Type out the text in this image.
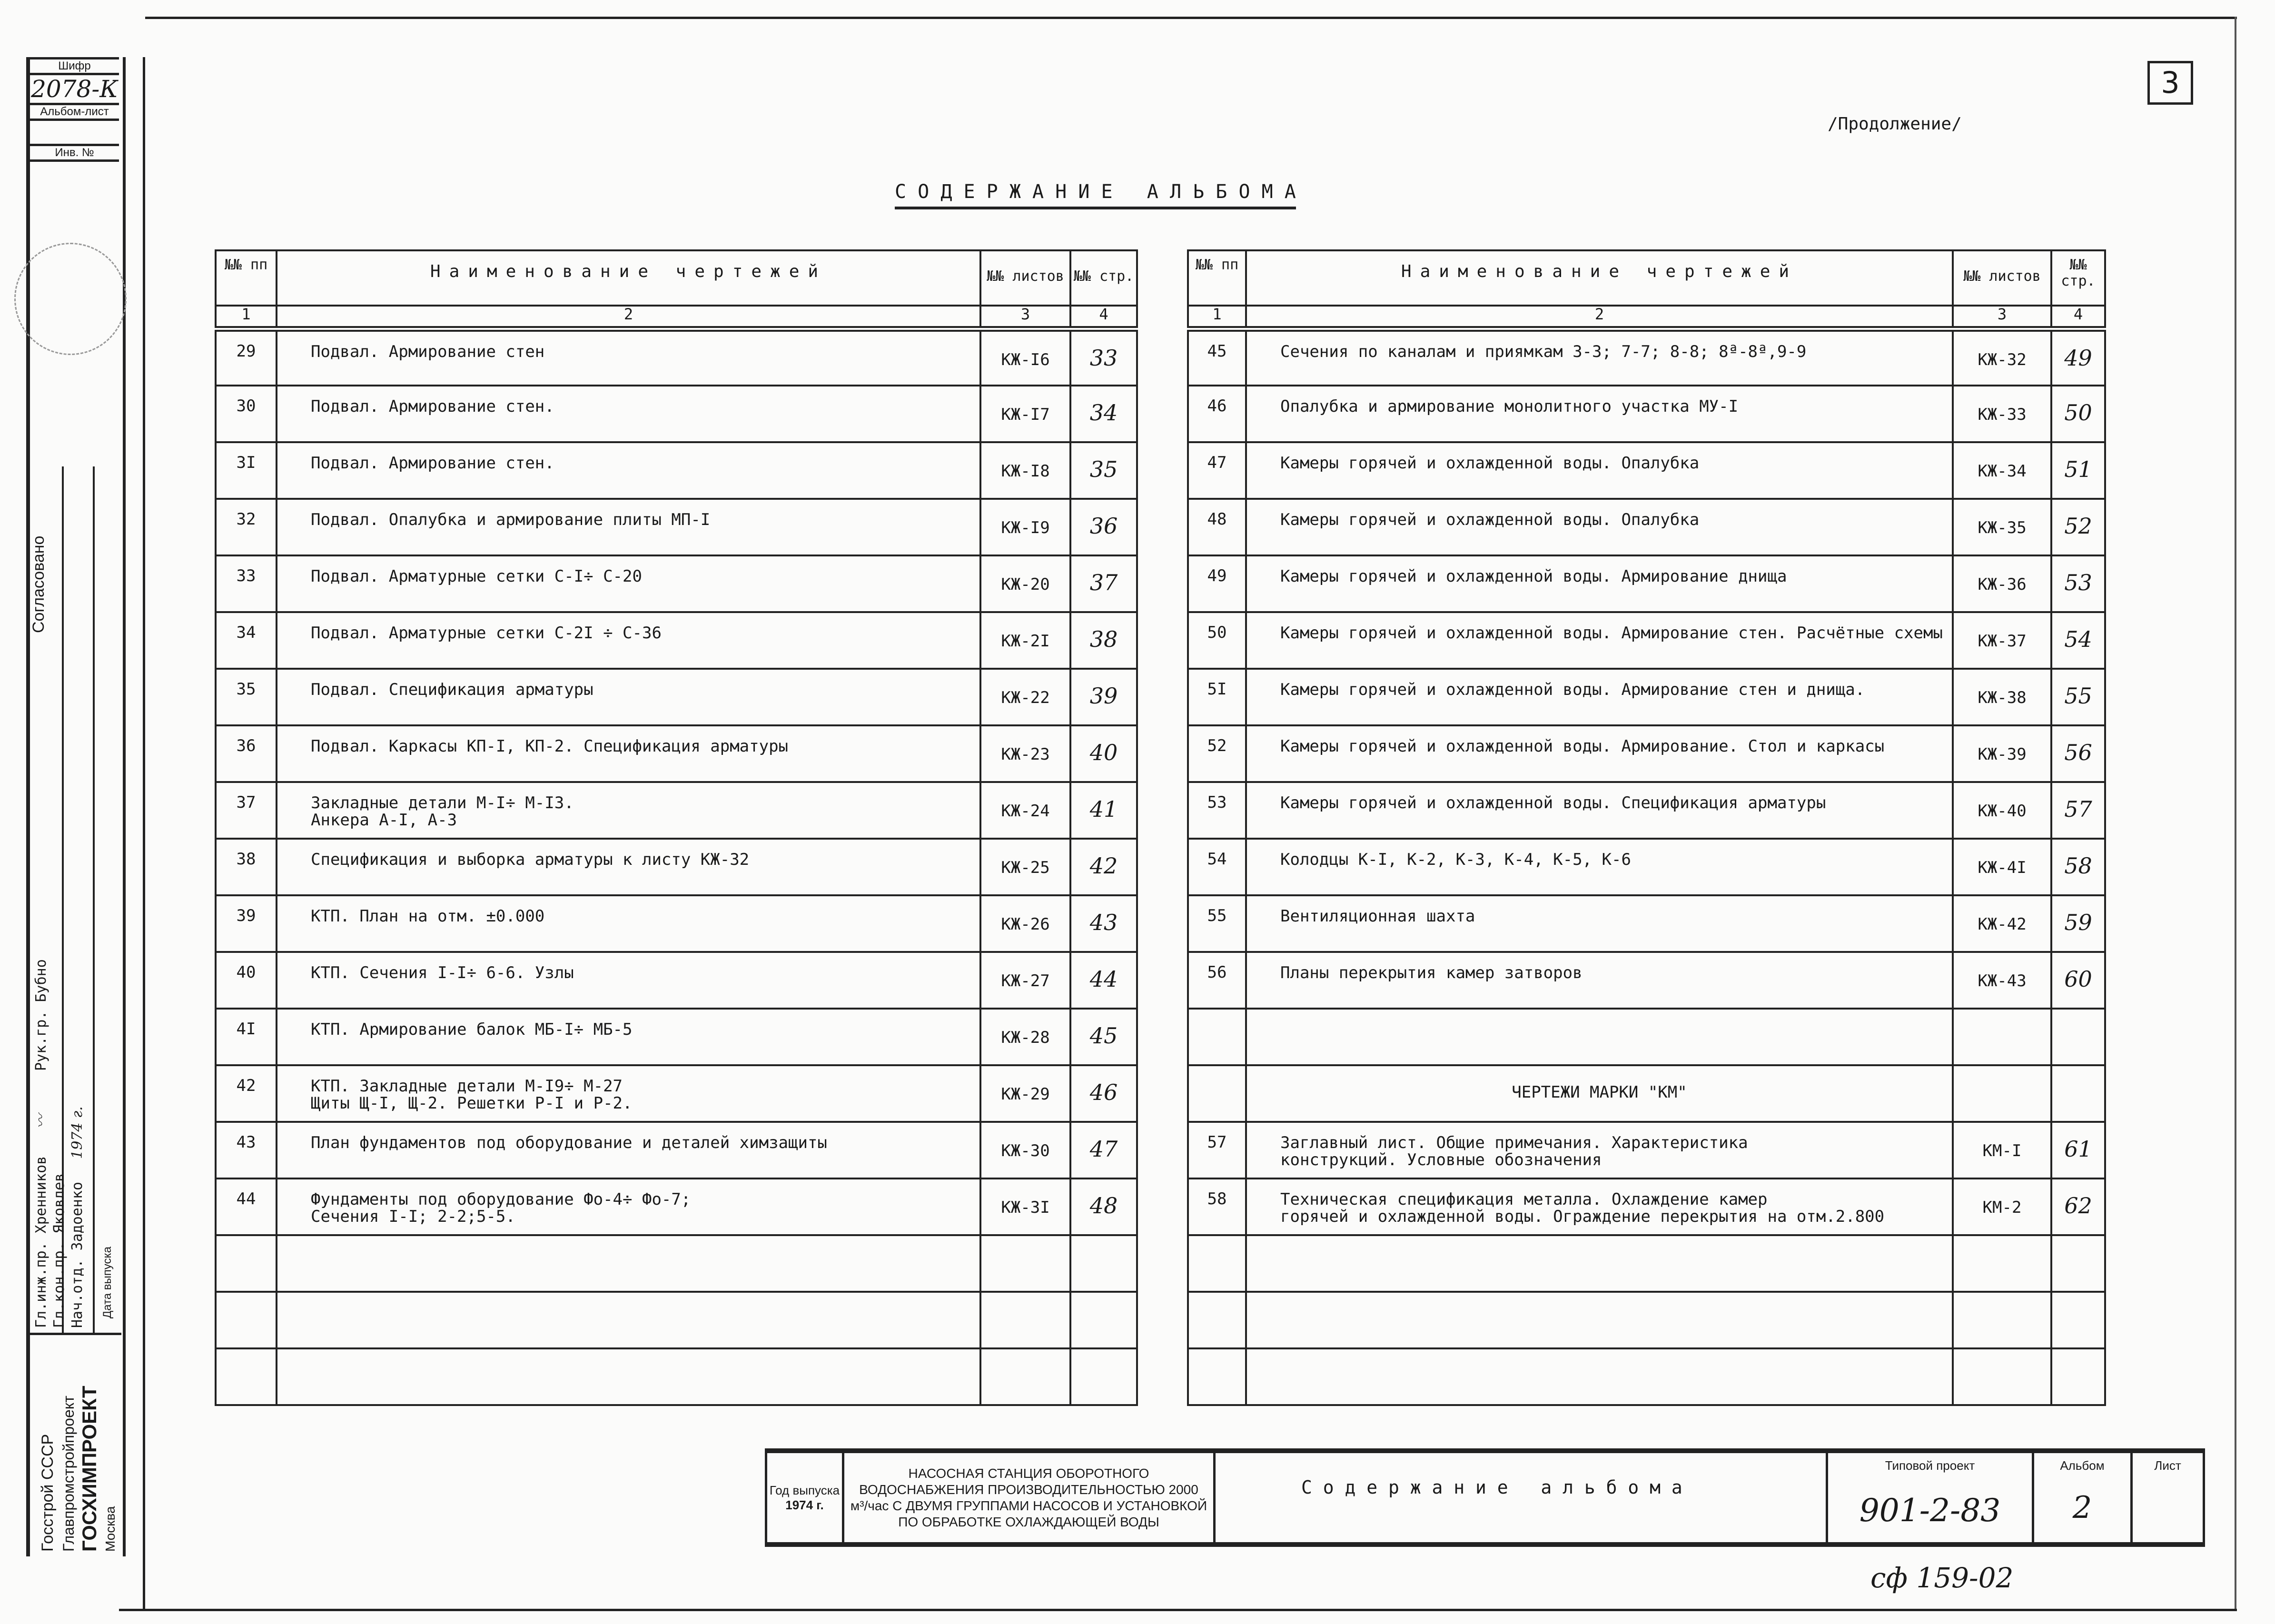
3
/Продолжение/
С О Д Е Р Ж А Н И Е   А Л Ь Б О М А
№№ пп	Наименование чертежей	№№ листов	№№ стр.

1	2	3	4
29	Подвал. Армирование стен	КЖ-I6	33
30	Подвал. Армирование стен.	КЖ-I7	34
3I	Подвал. Армирование стен.	КЖ-I8	35
32	Подвал. Опалубка и армирование плиты МП-I	КЖ-I9	36
33	Подвал. Арматурные сетки С-I÷ С-20	КЖ-20	37
34	Подвал. Арматурные сетки С-2I ÷ С-36	КЖ-2I	38
35	Подвал. Спецификация арматуры	КЖ-22	39
36	Подвал. Каркасы КП-I, КП-2. Спецификация арматуры	КЖ-23	40
37	Закладные детали М-I÷ М-I3.
Анкера А-I, А-3	КЖ-24	41
38	Спецификация и выборка арматуры к листу КЖ-32	КЖ-25	42
39	КТП. План на отм. ±0.000	КЖ-26	43
40	КТП. Сечения I-I÷ 6-6. Узлы	КЖ-27	44
4I	КТП. Армирование балок МБ-I÷ МБ-5	КЖ-28	45
42	КТП. Закладные детали М-I9÷ М-27
Щиты Щ-I, Щ-2. Решетки Р-I и Р-2.	КЖ-29	46
43	План фундаментов под оборудование и деталей химзащиты	КЖ-30	47
44	Фундаменты под оборудование Фо-4÷ Фо-7;
Сечения I-I; 2-2;5-5.	КЖ-3I	48

№№ пп	Наименование чертежей	№№ листов	№№ стр.

1	2	3	4
45	Сечения по каналам и приямкам 3-3; 7-7; 8-8; 8ª-8ª,9-9	КЖ-32	49
46	Опалубка и армирование монолитного участка МУ-I	КЖ-33	50
47	Камеры горячей и охлажденной воды. Опалубка	КЖ-34	51
48	Камеры горячей и охлажденной воды. Опалубка	КЖ-35	52
49	Камеры горячей и охлажденной воды. Армирование днища	КЖ-36	53
50	Камеры горячей и охлажденной воды. Армирование стен. Расчётные схемы	КЖ-37	54
5I	Камеры горячей и охлажденной воды. Армирование стен и днища.	КЖ-38	55
52	Камеры горячей и охлажденной воды. Армирование. Стол и каркасы	КЖ-39	56
53	Камеры горячей и охлажденной воды. Спецификация арматуры	КЖ-40	57
54	Колодцы К-I, К-2, К-3, К-4, К-5, К-6	КЖ-4I	58
55	Вентиляционная шахта	КЖ-42	59
56	Планы перекрытия камер затворов	КЖ-43	60

	ЧЕРТЕЖИ МАРКИ "КМ"		
57	Заглавный лист. Общие примечания. Характеристика
конструкций. Условные обозначения	КМ-I	61
58	Техническая спецификация металла. Охлаждение камер
горячей и охлажденной воды. Ограждение перекрытия на отм.2.800	КМ-2	62

Год выпуска
1974 г.
	НАСОСНАЯ СТАНЦИЯ ОБОРОТНОГО ВОДОСНАБЖЕНИЯ ПРОИЗВОДИТЕЛЬНОСТЬЮ 2000 м³/час С ДВУМЯ ГРУППАМИ НАСОСОВ И УСТАНОВКОЙ ПО ОБРАБОТКЕ ОХЛАЖДАЮЩЕЙ ВОДЫ	С о д е р ж а н и е   а л ь б о м а	
Типовой проект
901-2-83

Альбом
2

Лист
сф 159-02
Шифр
2078-К
Альбом-лист
Инв. №
Согласовано
Гл.инж.пр. Хренников 〰
Гл.кон.пр. Яковлев
Нач.отд. Задоенко 1974 г.
Рук.гр. Бубно
Дата выпуска
Госстрой СССР Главпромстройпроект ГОСХИМПРОЕКТ Москва
